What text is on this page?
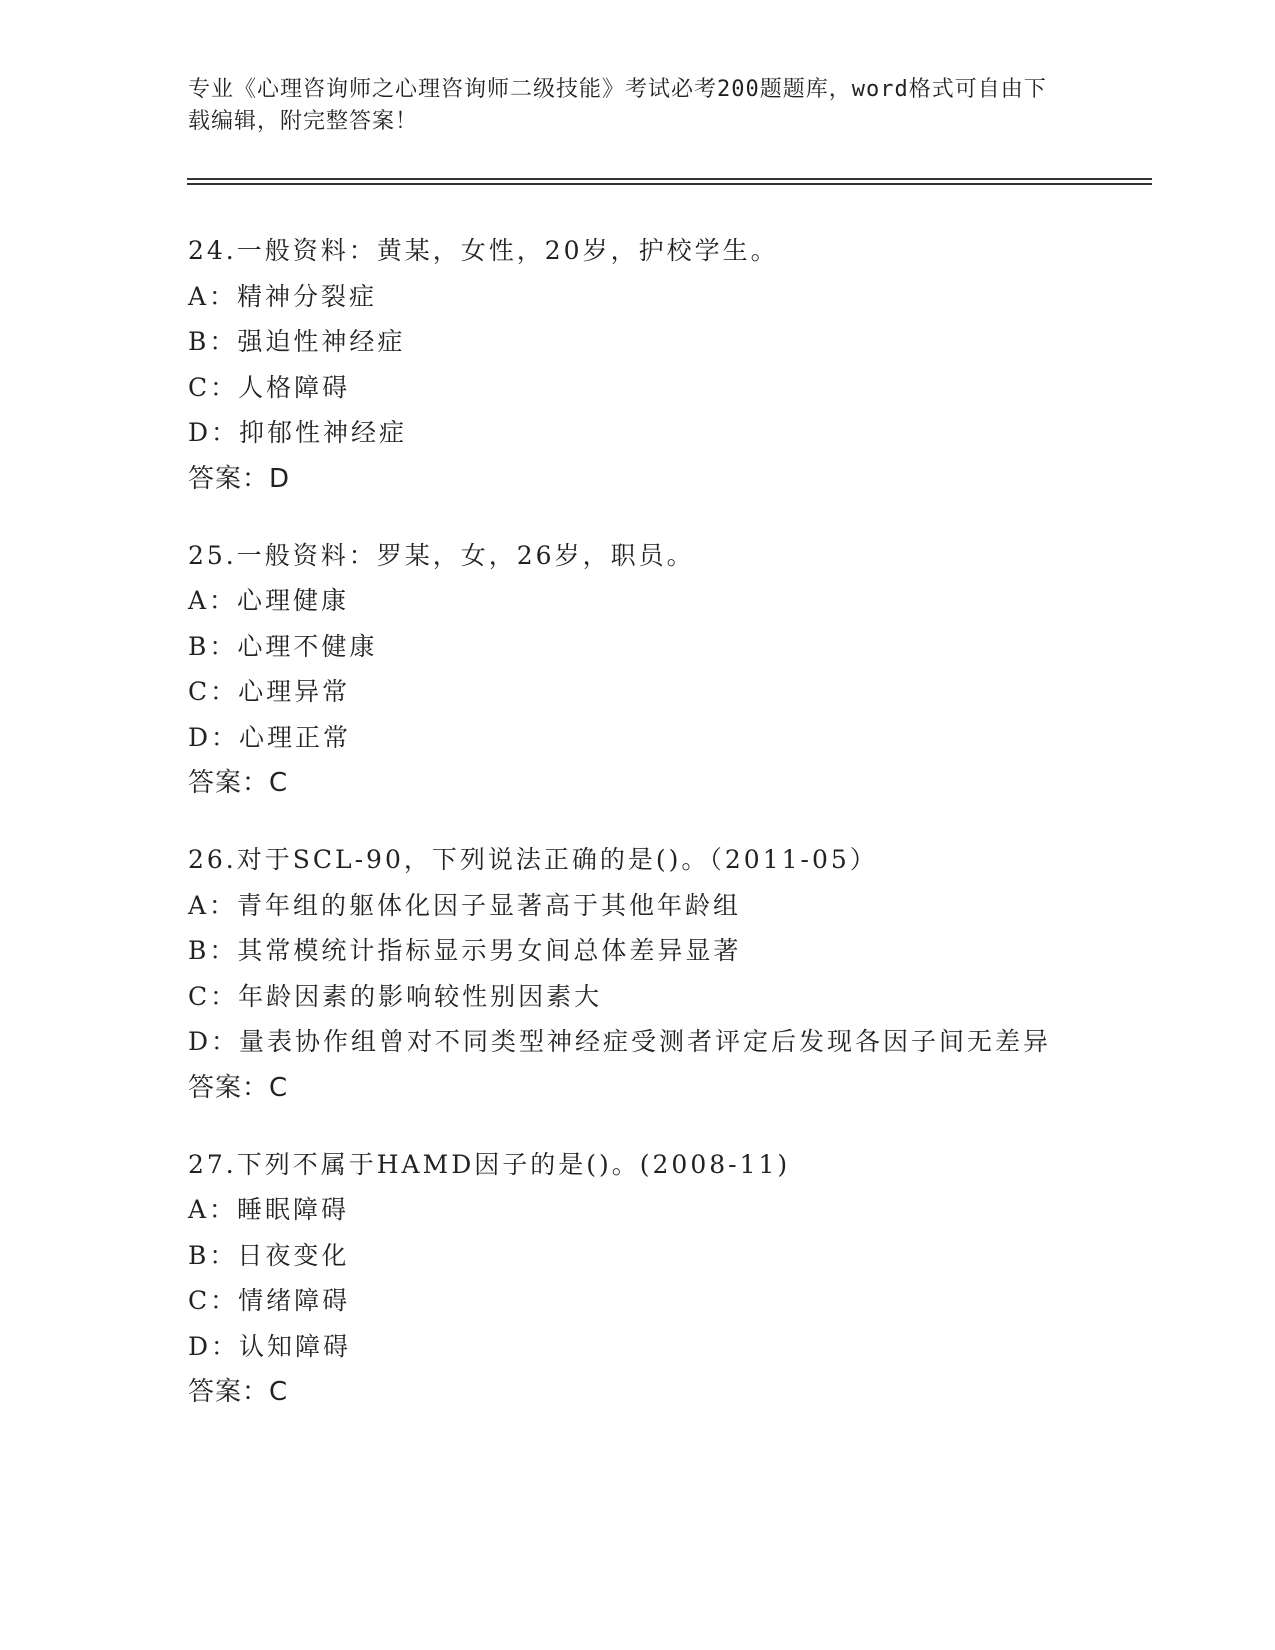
专业《心理咨询师之心理咨询师二级技能》考试必考200题题库，word格式可自由下载编辑，附完整答案！
24.一般资料：黄某，女性，20岁，护校学生。
A：精神分裂症
B：强迫性神经症
C：人格障碍
D：抑郁性神经症
答案：D
25.一般资料：罗某，女，26岁，职员。
A：心理健康
B：心理不健康
C：心理异常
D：心理正常
答案：C
26.对于SCL-90，下列说法正确的是()。（2011-05）
A：青年组的躯体化因子显著高于其他年龄组
B：其常模统计指标显示男女间总体差异显著
C：年龄因素的影响较性别因素大
D：量表协作组曾对不同类型神经症受测者评定后发现各因子间无差异
答案：C
27.下列不属于HAMD因子的是()。(2008-11)
A：睡眠障碍
B：日夜变化
C：情绪障碍
D：认知障碍
答案：C
